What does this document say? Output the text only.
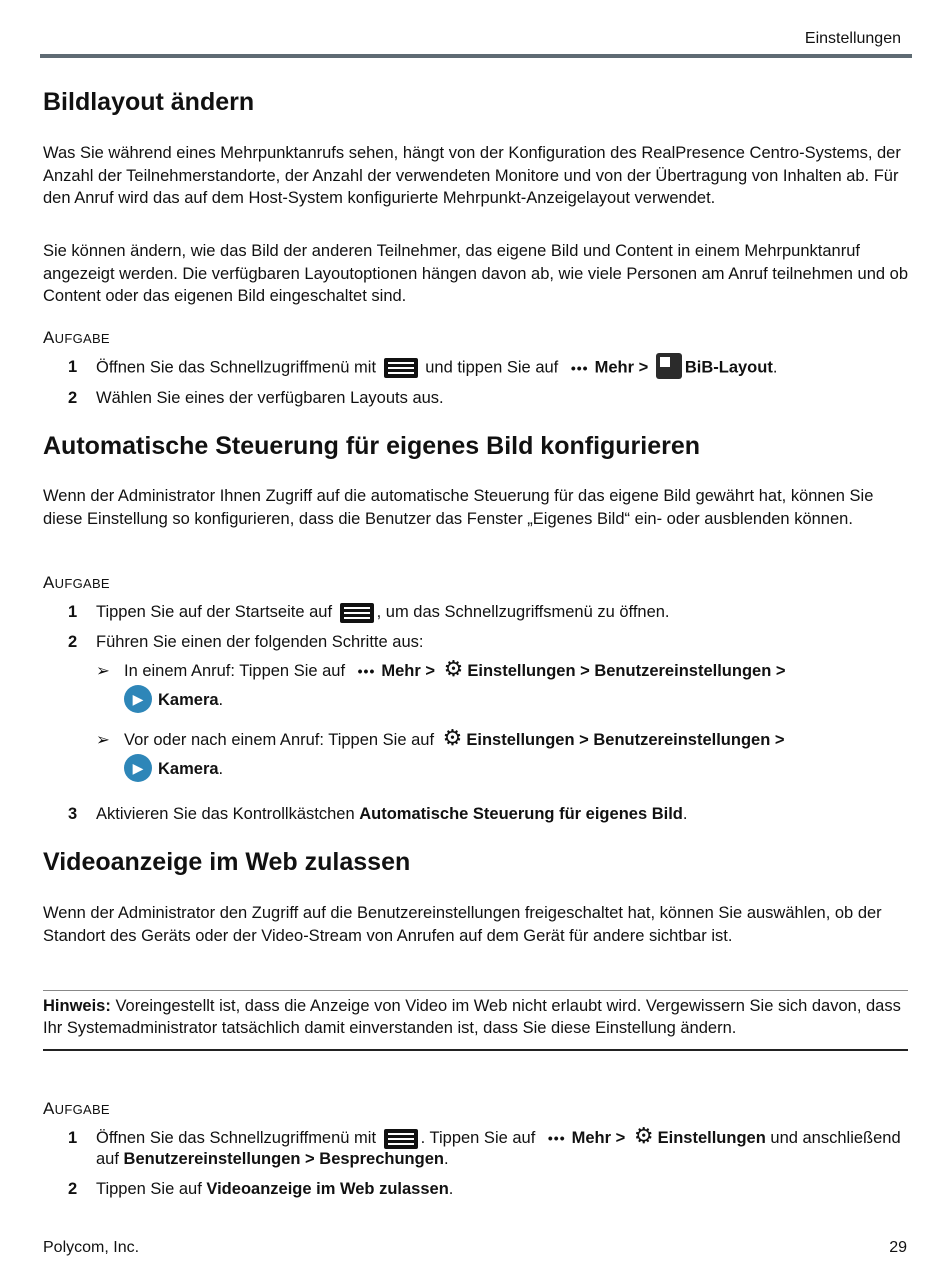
Einstellungen
Bildlayout ändern

Was Sie während eines Mehrpunktanrufs sehen, hängt von der Konfiguration des RealPresence Centro-Systems, der Anzahl der Teilnehmerstandorte, der Anzahl der verwendeten Monitore und von der Übertragung von Inhalten ab. Für den Anruf wird das auf dem Host-System konfigurierte Mehrpunkt-Anzeigelayout verwendet.

Sie können ändern, wie das Bild der anderen Teilnehmer, das eigene Bild und Content in einem Mehrpunktanruf angezeigt werden. Die verfügbaren Layoutoptionen hängen davon ab, wie viele Personen am Anruf teilnehmen und ob Content oder das eigenen Bild eingeschaltet sind.

AUFGABE
1 Öffnen Sie das Schnellzugriffmenü mit	und tippen Sie auf ••• Mehr > BiB-Layout.
2 Wählen Sie eines der verfügbaren Layouts aus.
Automatische Steuerung für eigenes Bild konfigurieren

Wenn der Administrator Ihnen Zugriff auf die automatische Steuerung für das eigene Bild gewährt hat, können Sie diese Einstellung so konfigurieren, dass die Benutzer das Fenster „Eigenes Bild“ ein- oder ausblenden können.

AUFGABE
1 Tippen Sie auf der Startseite auf	, um das Schnellzugriffsmenü zu öffnen.
2 Führen Sie einen der folgenden Schritte aus:
➢ In einem Anruf: Tippen Sie auf ••• Mehr > ⚙ Einstellungen > Benutzereinstellungen >
▶ Kamera.
➢ Vor oder nach einem Anruf: Tippen Sie auf ⚙ Einstellungen > Benutzereinstellungen >
▶ Kamera.
3 Aktivieren Sie das Kontrollkästchen Automatische Steuerung für eigenes Bild.
Videoanzeige im Web zulassen

Wenn der Administrator den Zugriff auf die Benutzereinstellungen freigeschaltet hat, können Sie auswählen, ob der Standort des Geräts oder der Video-Stream von Anrufen auf dem Gerät für andere sichtbar ist.

Hinweis: Voreingestellt ist, dass die Anzeige von Video im Web nicht erlaubt wird. Vergewissern Sie sich davon, dass Ihr Systemadministrator tatsächlich damit einverstanden ist, dass Sie diese Einstellung ändern.
AUFGABE
1 Öffnen Sie das Schnellzugriffmenü mit	. Tippen Sie auf ••• Mehr > ⚙ Einstellungen und anschließend auf Benutzereinstellungen > Besprechungen.
2 Tippen Sie auf Videoanzeige im Web zulassen.
Polycom, Inc.	29
